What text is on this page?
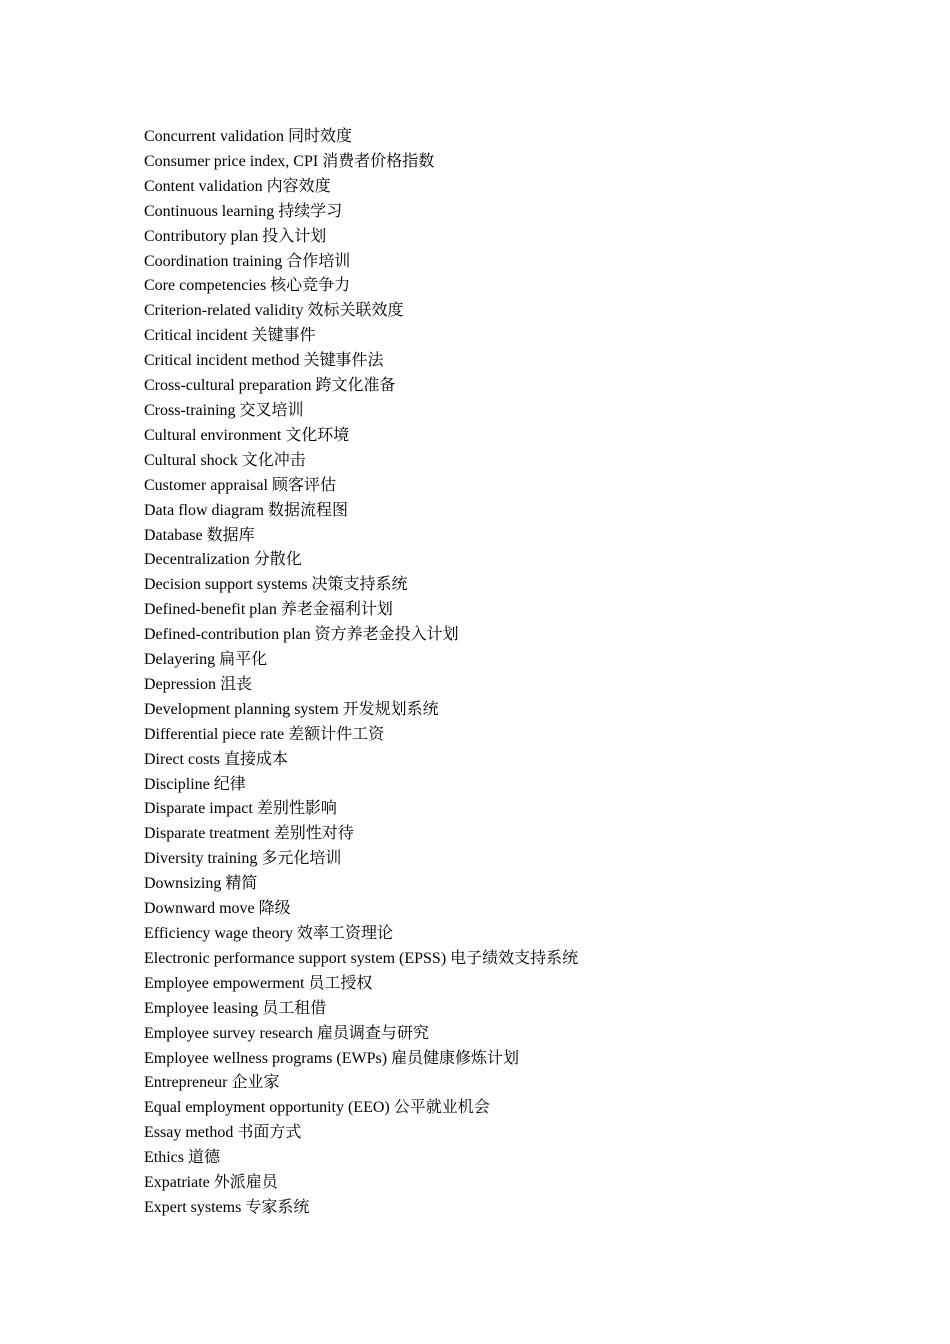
Concurrent validation 同时效度
Consumer price index, CPI 消费者价格指数
Content validation 内容效度
Continuous learning 持续学习
Contributory plan 投入计划
Coordination training 合作培训
Core competencies 核心竞争力
Criterion-related validity 效标关联效度
Critical incident 关键事件
Critical incident method 关键事件法
Cross-cultural preparation 跨文化准备
Cross-training 交叉培训
Cultural environment 文化环境
Cultural shock 文化冲击
Customer appraisal 顾客评估
Data flow diagram 数据流程图
Database 数据库
Decentralization 分散化
Decision support systems 决策支持系统
Defined-benefit plan 养老金福利计划
Defined-contribution plan 资方养老金投入计划
Delayering 扁平化
Depression 沮丧
Development planning system 开发规划系统
Differential piece rate 差额计件工资
Direct costs 直接成本
Discipline 纪律
Disparate impact 差别性影响
Disparate treatment 差别性对待
Diversity training 多元化培训
Downsizing 精简
Downward move 降级
Efficiency wage theory 效率工资理论
Electronic performance support system (EPSS) 电子绩效支持系统
Employee empowerment 员工授权
Employee leasing 员工租借
Employee survey research 雇员调查与研究
Employee wellness programs (EWPs) 雇员健康修炼计划
Entrepreneur 企业家
Equal employment opportunity (EEO) 公平就业机会
Essay method 书面方式
Ethics 道德
Expatriate 外派雇员
Expert systems 专家系统
